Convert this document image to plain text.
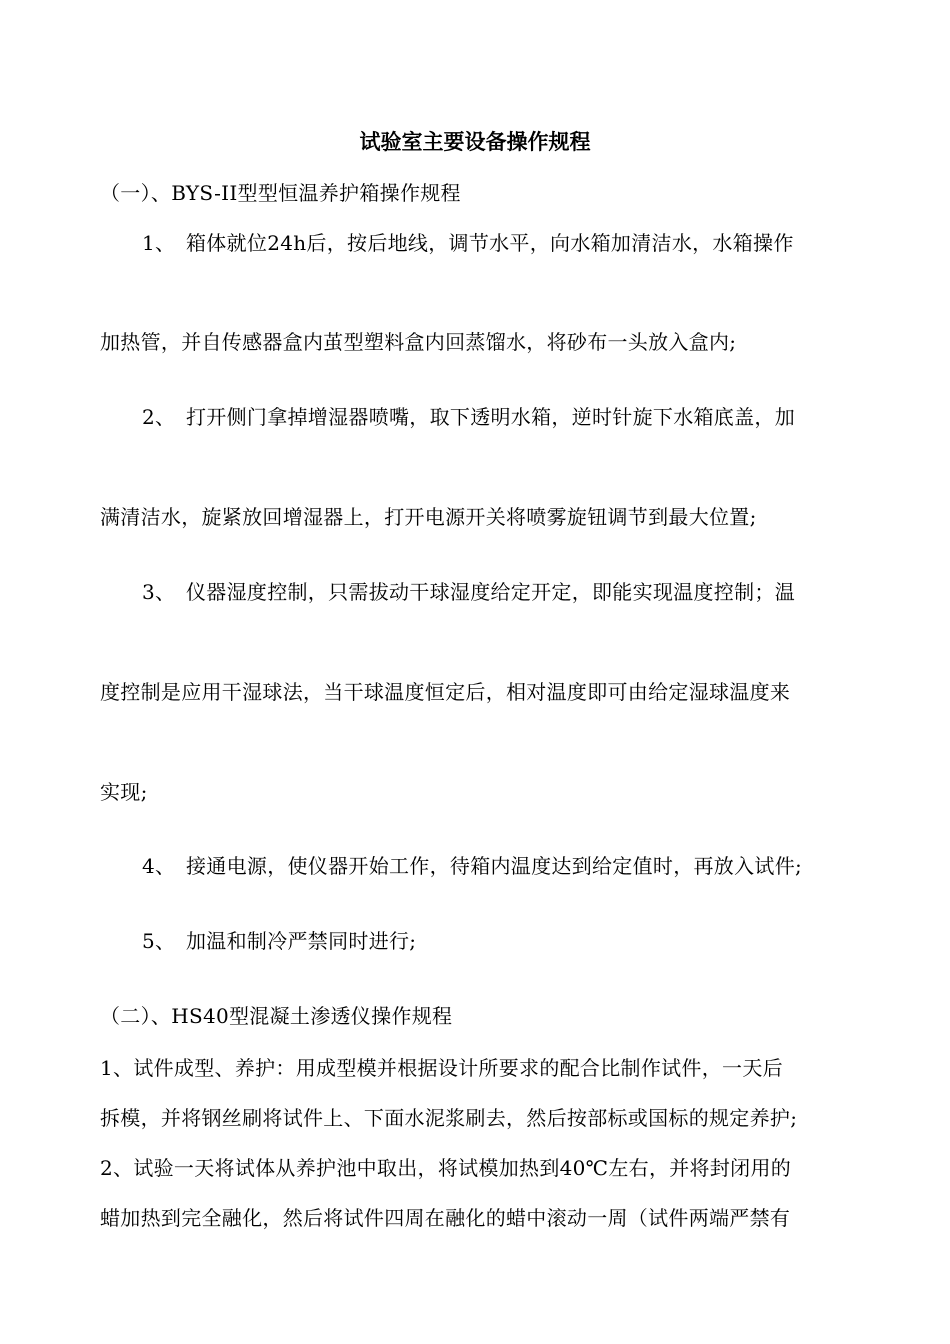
试验室主要设备操作规程
（一）、BYS-II型型恒温养护箱操作规程
1、 箱体就位24h后，按后地线，调节水平，向水箱加清洁水，水箱操作
加热管，并自传感器盒内茧型塑料盒内回蒸馏水，将砂布一头放入盒内;
2、 打开侧门拿掉增湿器喷嘴，取下透明水箱，逆时针旋下水箱底盖，加
满清洁水，旋紧放回增湿器上，打开电源开关将喷雾旋钮调节到最大位置;
3、 仪器湿度控制，只需拔动干球湿度给定开定，即能实现温度控制；温
度控制是应用干湿球法，当干球温度恒定后，相对温度即可由给定湿球温度来
实现;
4、 接通电源，使仪器开始工作，待箱内温度达到给定值时，再放入试件;
5、 加温和制冷严禁同时进行;
（二）、HS40型混凝土渗透仪操作规程
1、试件成型、养护：用成型模并根据设计所要求的配合比制作试件，一天后
拆模，并将钢丝刷将试件上、下面水泥浆刷去，然后按部标或国标的规定养护;
2、试验一天将试体从养护池中取出，将试模加热到40℃左右，并将封闭用的
蜡加热到完全融化，然后将试件四周在融化的蜡中滚动一周（试件两端严禁有
